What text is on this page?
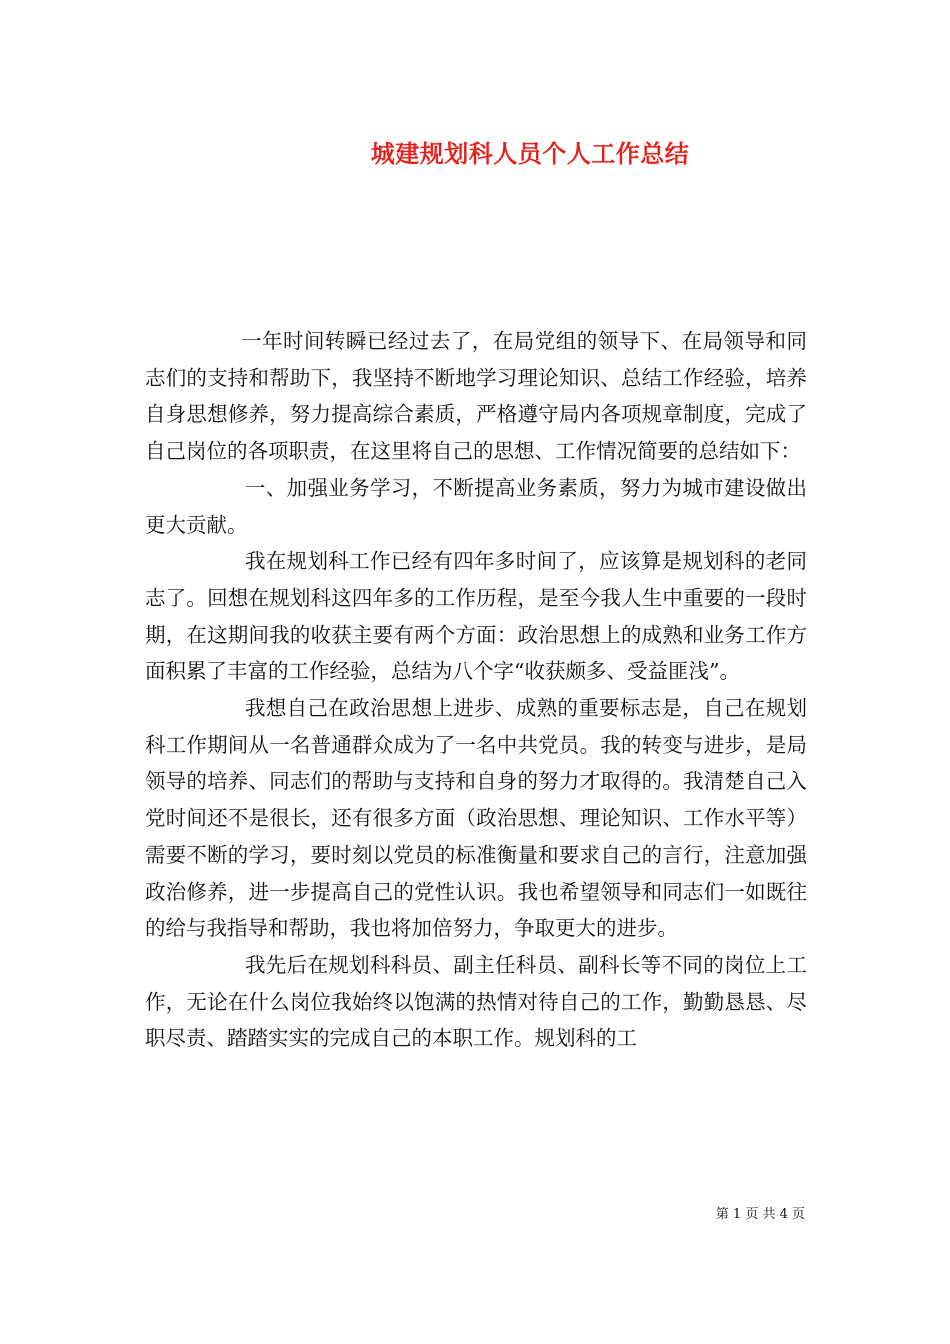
城建规划科人员个人工作总结

一年时间转瞬已经过去了，在局党组的领导下、在局领导和同志们的支持和帮助下，我坚持不断地学习理论知识、总结工作经验，培养自身思想修养，努力提高综合素质，严格遵守局内各项规章制度，完成了自己岗位的各项职责，在这里将自己的思想、工作情况简要的总结如下：

一、加强业务学习，不断提高业务素质，努力为城市建设做出更大贡献。

我在规划科工作已经有四年多时间了，应该算是规划科的老同志了。回想在规划科这四年多的工作历程，是至今我人生中重要的一段时期，在这期间我的收获主要有两个方面：政治思想上的成熟和业务工作方面积累了丰富的工作经验，总结为八个字“收获颇多、受益匪浅”。

我想自己在政治思想上进步、成熟的重要标志是，自己在规划科工作期间从一名普通群众成为了一名中共党员。我的转变与进步，是局领导的培养、同志们的帮助与支持和自身的努力才取得的。我清楚自己入党时间还不是很长，还有很多方面（政治思想、理论知识、工作水平等）需要不断的学习，要时刻以党员的标准衡量和要求自己的言行，注意加强政治修养，进一步提高自己的党性认识。我也希望领导和同志们一如既往的给与我指导和帮助，我也将加倍努力，争取更大的进步。

我先后在规划科科员、副主任科员、副科长等不同的岗位上工作，无论在什么岗位我始终以饱满的热情对待自己的工作，勤勤恳恳、尽职尽责、踏踏实实的完成自己的本职工作。规划科的工

第 1 页 共 4 页
